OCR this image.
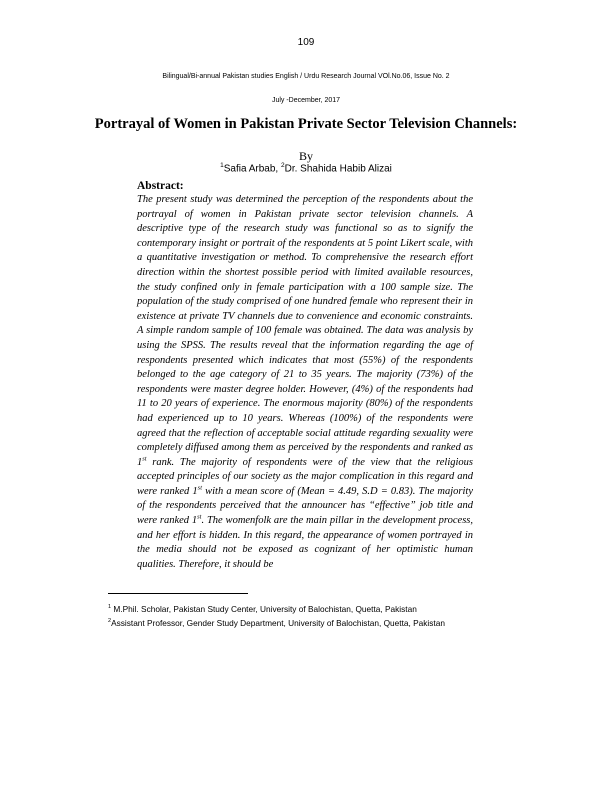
109
Bilingual/Bi-annual Pakistan studies English / Urdu Research Journal VOl.No.06, Issue No. 2
July -December, 2017
Portrayal of Women in Pakistan Private Sector Television Channels:
By
$^1$Safia Arbab, $^2$Dr. Shahida Habib Alizai
Abstract:

The present study was determined the perception of the respondents about the portrayal of women in Pakistan private sector television channels. A descriptive type of the research study was functional so as to signify the contemporary insight or portrait of the respondents at 5 point Likert scale, with a quantitative investigation or method. To comprehensive the research effort direction within the shortest possible period with limited available resources, the study confined only in female participation with a 100 sample size. The population of the study comprised of one hundred female who represent their in existence at private TV channels due to convenience and economic constraints. A simple random sample of 100 female was obtained. The data was analysis by using the SPSS. The results reveal that the information regarding the age of respondents presented which indicates that most (55%) of the respondents belonged to the age category of 21 to 35 years. The majority (73%) of the respondents were master degree holder. However, (4%) of the respondents had 11 to 20 years of experience. The enormous majority (80%) of the respondents had experienced up to 10 years. Whereas (100%) of the respondents were agreed that the reflection of acceptable social attitude regarding sexuality were completely diffused among them as perceived by the respondents and ranked as 1st rank. The majority of respondents were of the view that the religious accepted principles of our society as the major complication in this regard and were ranked 1st with a mean score of (Mean = 4.49, S.D = 0.83). The majority of the respondents perceived that the announcer has “effective” job title and were ranked 1st. The womenfolk are the main pillar in the development process, and her effort is hidden. In this regard, the appearance of women portrayed in the media should not be exposed as cognizant of her optimistic human qualities. Therefore, it should be

$^1$ M.Phil. Scholar, Pakistan Study Center, University of Balochistan, Quetta, Pakistan

$^2$Assistant Professor, Gender Study Department, University of Balochistan, Quetta, Pakistan
